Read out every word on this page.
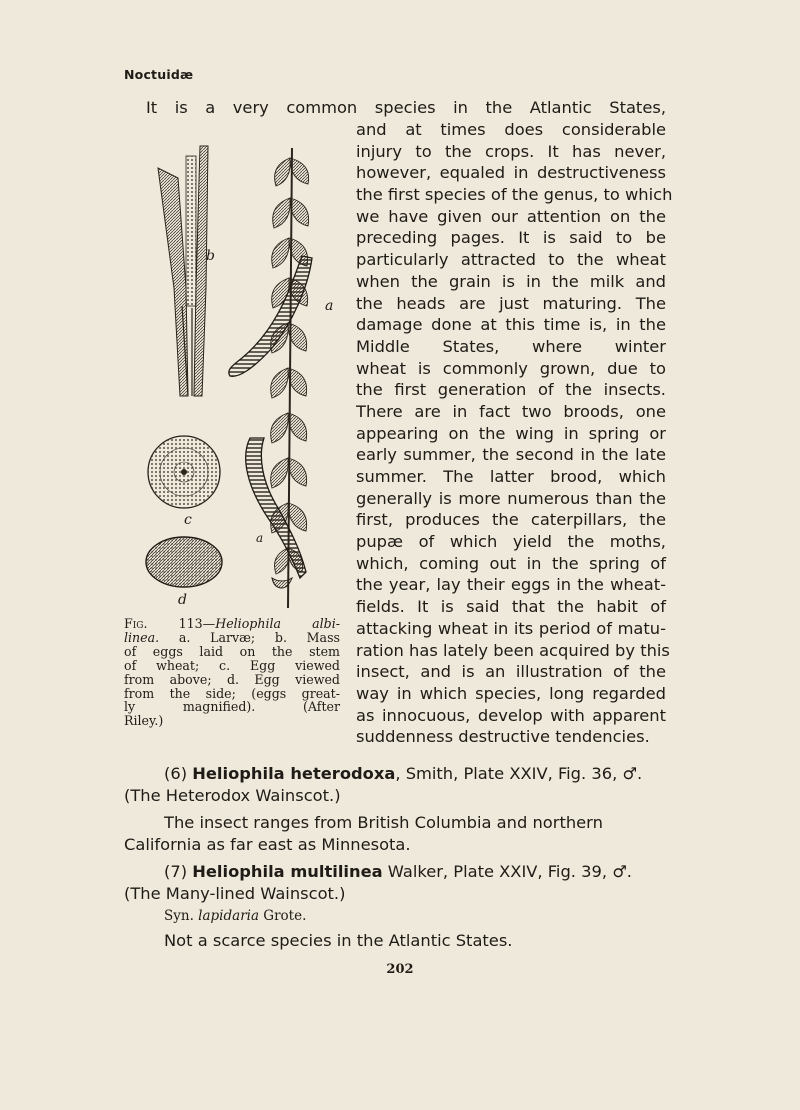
Noctuidæ
It is a very common species in the Atlantic States,
and at times does considerable
injury to the crops. It has never,
however, equaled in destructiveness
the first species of the genus, to which
we have given our attention on the
preceding pages. It is said to be
particularly attracted to the wheat
when the grain is in the milk and
the heads are just maturing. The
damage done at this time is, in the
Middle States, where winter
wheat is commonly grown, due to
the first generation of the insects.
There are in fact two broods, one
appearing on the wing in spring or
early summer, the second in the late
summer. The latter brood, which
generally is more numerous than the
first, produces the caterpillars, the
pupæ of which yield the moths,
which, coming out in the spring of
the year, lay their eggs in the wheat-
fields. It is said that the habit of
attacking wheat in its period of matu-
ration has lately been acquired by this
insect, and is an illustration of the
way in which species, long regarded
as innocuous, develop with apparent
suddenness destructive tendencies.
b
a
c
a
d
Fig. 113—Heliophila albi-
linea. a. Larvæ; b. Mass
of eggs laid on the stem
of wheat; c. Egg viewed
from above; d. Egg viewed
from the side; (eggs great-
ly magnified). (After
Riley.)
(6) Heliophila heterodoxa, Smith, Plate XXIV, Fig. 36, ♂.
(The Heterodox Wainscot.)
The insect ranges from British Columbia and northern
California as far east as Minnesota.
(7) Heliophila multilinea Walker, Plate XXIV, Fig. 39, ♂.
(The Many-lined Wainscot.)
Syn. lapidaria Grote.
Not a scarce species in the Atlantic States.
202
